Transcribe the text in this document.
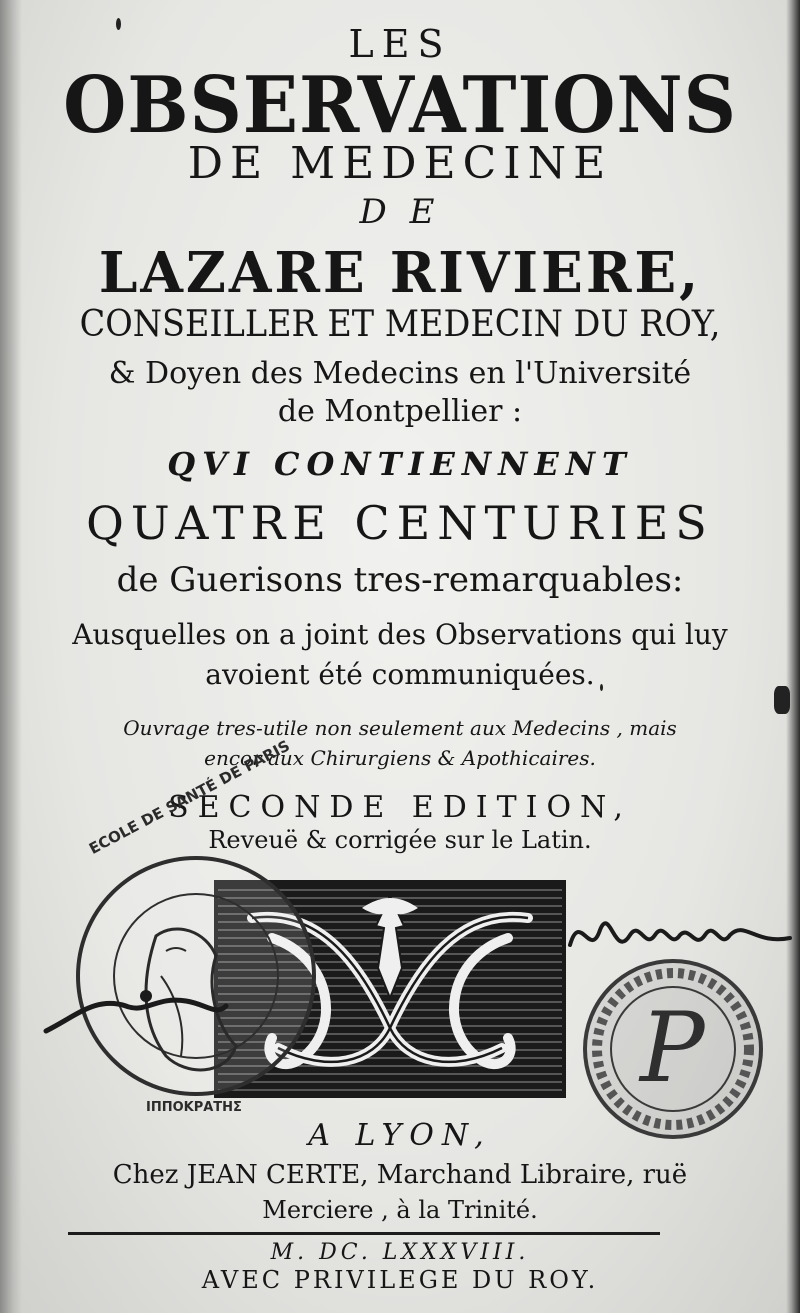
LES
OBSERVATIONS
DE MEDECINE
D E
LAZARE RIVIERE,
CONSEILLER ET MEDECIN DU ROY,
& Doyen des Medecins en l'Université
de Montpellier :
QVI CONTIENNENT
QUATRE CENTURIES
de Guerisons tres-remarquables:
Ausquelles on a joint des Observations qui luy
avoient été communiquées.
Ouvrage tres-utile non seulement aux Medecins , mais
encor aux Chirurgiens & Apothicaires.
SECONDE EDITION,
Reveuë & corrigée sur le Latin.
ECOLE DE SANTÉ DE PARIS
ΙΠΠΟΚΡΑΤΗΣ
P
A LYON,
Chez JEAN CERTE, Marchand Libraire, ruë
Merciere , à la Trinité.
M. DC. LXXXVIII.
AVEC PRIVILEGE DU ROY.
